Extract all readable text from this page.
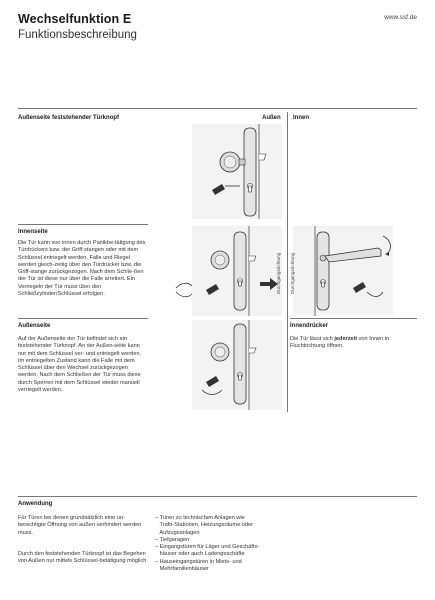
Wechselfunktion E
Funktionsbeschreibung
www.ssf.de
Außenseite feststehender Türknopf	Außen Innen
Innenseite
Die Tür kann von innen durch Panikbe-tätigung des Türdrückers bzw. der Griff-stangen oder mit dem Schlüssel entriegelt werden. Falle und Riegel werden gleich-zeitig über den Türdrücker bzw. die Griff-stange zurückgezogen. Nach dem Schlie-ßen der Tür ist diese nur über die Falle arretiert. Ein Verriegeln der Tür muss über den Schließzylinder/Schlüssel erfolgen.
Außenseite
Auf der Außenseite der Tür befindet sich ein feststehender Türknopf. An der Außen-seite kann nur mit dem Schlüssel ver- und entriegelt werden. Im entriegelten Zustand kann die Falle mit dem Schlüssel über den Wechsel zurückgezogen werden. Nach dem Schließen der Tür muss diese durch Sperren mit dem Schlüssel wieder manuell verriegelt werden.
Innendrücker
Die Tür lässt sich jederzeit von Innen in Fluchtrichtung öffnen.
Durchgangsrichtung Durchgangsrichtung
Anwendung
Für Türen bei denen grundsätzlich eine un-berechtigte Öffnung von außen verhindert werden muss.
Durch den feststehenden Türknopf ist das Begehen von Außen nur mittels Schlüssel-betätigung möglich.
– Türen zu technischen Anlagen wie
Trafo-Stationen, Heizungsräume oder
Aufzugsanlagen
– Tiefgaragen
– Eingangstüren für Läger und Geschäfts-
häuser oder auch Ladengeschäfte
– Hauseingangstüren in Miets- und
Mehrfamilienhäuser
